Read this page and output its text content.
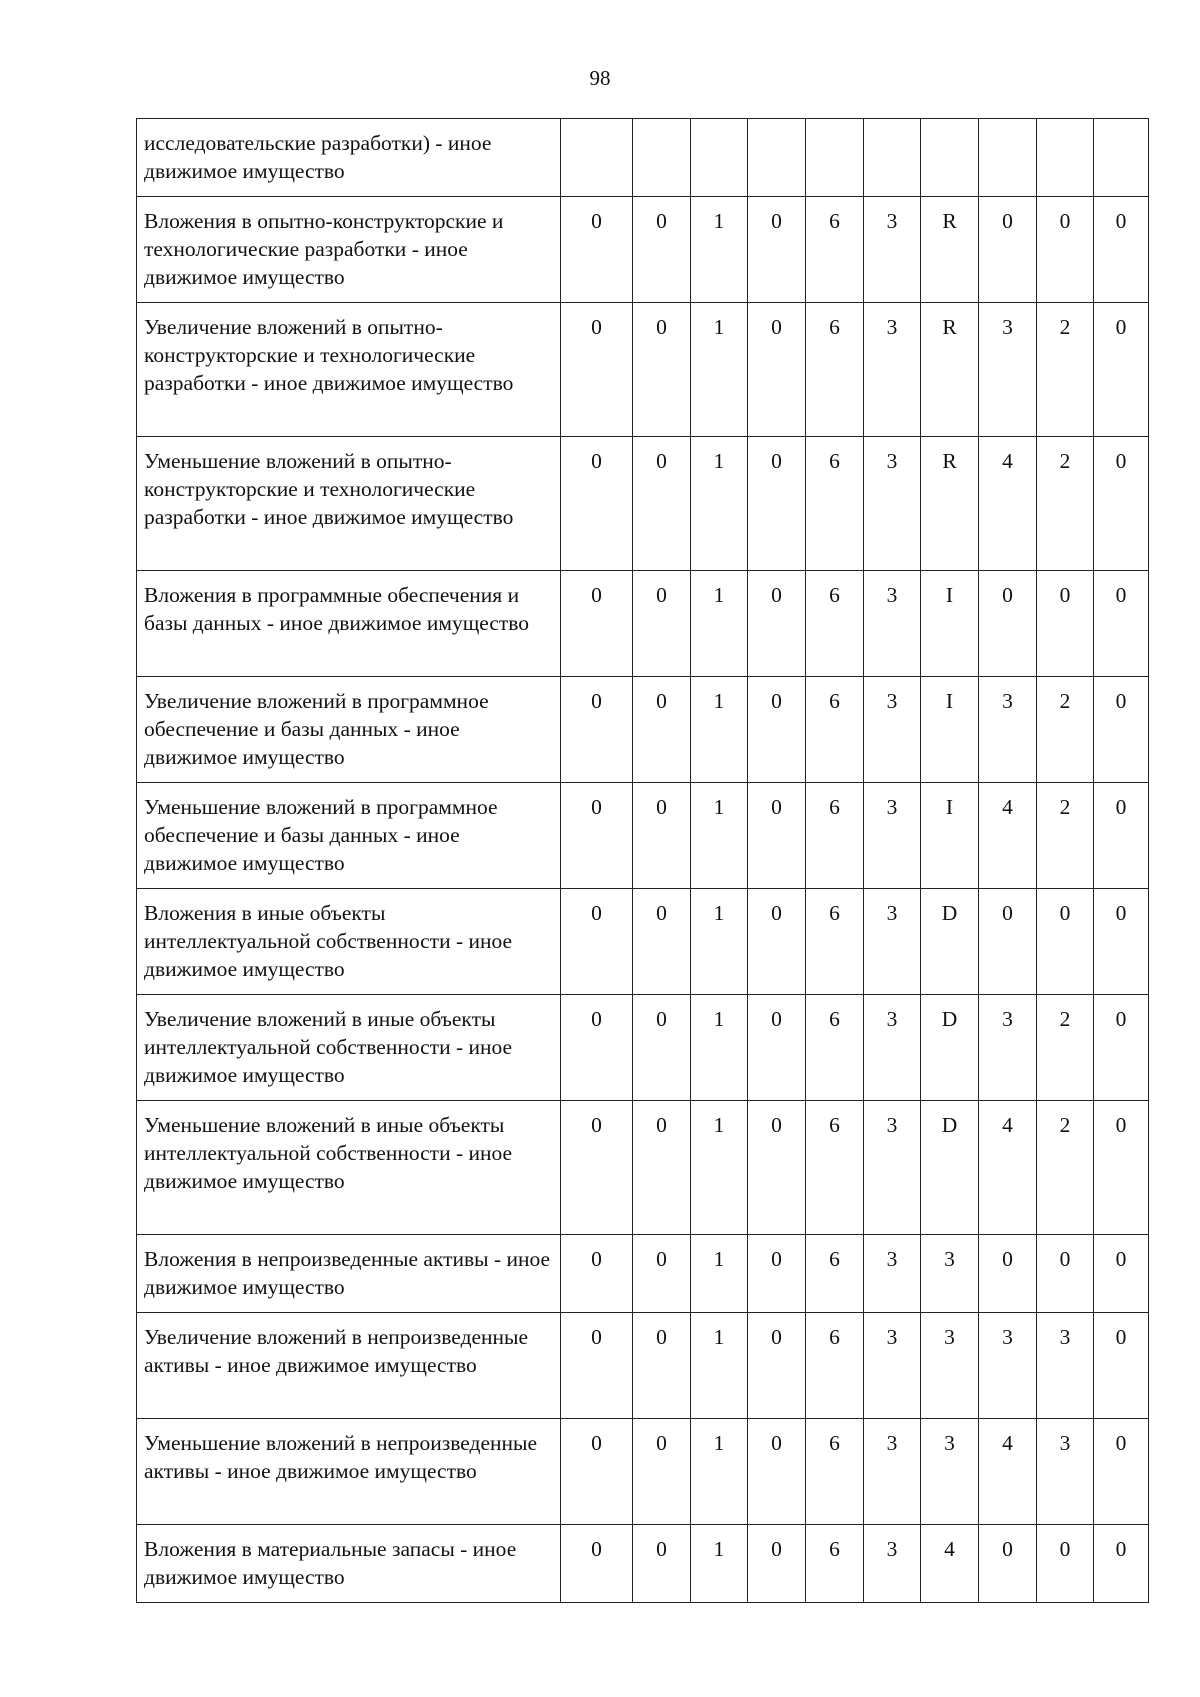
98
исследовательские разработки) - иное движимое имущество										
Вложения в опытно-конструкторские и технологические разработки - иное движимое имущество	0	0	1	0	6	3	R	0	0	0
Увеличение вложений в опытно-конструкторские и технологические разработки - иное движимое имущество	0	0	1	0	6	3	R	3	2	0
Уменьшение вложений в опытно-конструкторские и технологические разработки - иное движимое имущество	0	0	1	0	6	3	R	4	2	0
Вложения в программные обеспечения и базы данных - иное движимое имущество	0	0	1	0	6	3	I	0	0	0
Увеличение вложений в программное обеспечение и базы данных - иное движимое имущество	0	0	1	0	6	3	I	3	2	0
Уменьшение вложений в программное обеспечение и базы данных - иное движимое имущество	0	0	1	0	6	3	I	4	2	0
Вложения в иные объекты интеллектуальной собственности - иное движимое имущество	0	0	1	0	6	3	D	0	0	0
Увеличение вложений в иные объекты интеллектуальной собственности - иное движимое имущество	0	0	1	0	6	3	D	3	2	0
Уменьшение вложений в иные объекты интеллектуальной собственности - иное движимое имущество	0	0	1	0	6	3	D	4	2	0
Вложения в непроизведенные активы - иное движимое имущество	0	0	1	0	6	3	3	0	0	0
Увеличение вложений в непроизведенные активы - иное движимое имущество	0	0	1	0	6	3	3	3	3	0
Уменьшение вложений в непроизведенные активы - иное движимое имущество	0	0	1	0	6	3	3	4	3	0
Вложения в материальные запасы - иное движимое имущество	0	0	1	0	6	3	4	0	0	0
